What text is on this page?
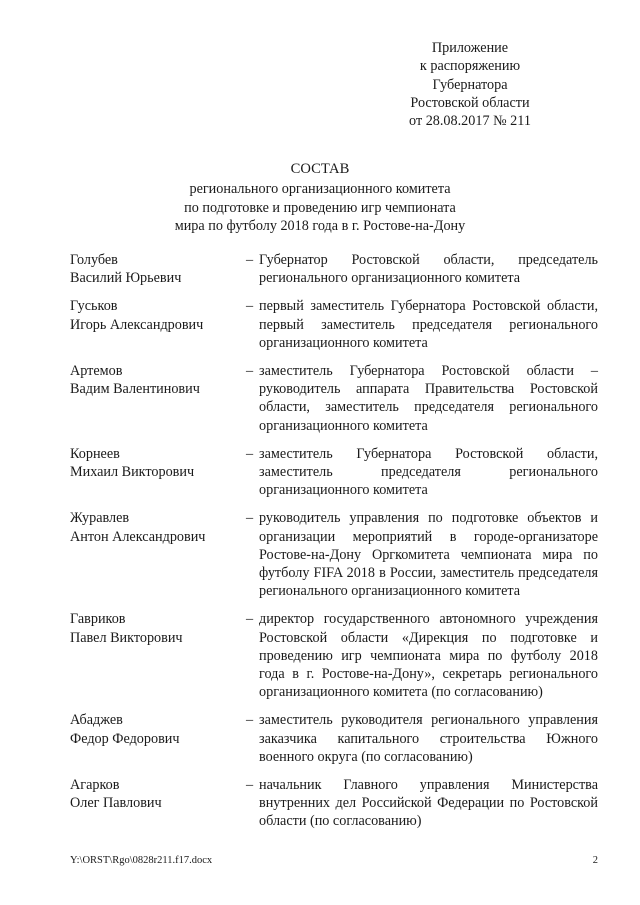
Приложение
к распоряжению
Губернатора
Ростовской области
от 28.08.2017 № 211
СОСТАВ
регионального организационного комитета
по подготовке и проведению игр чемпионата
мира по футболу 2018 года в г. Ростове-на-Дону
Голубев
Василий Юрьевич
– Губернатор Ростовской области, председатель регионального организационного комитета
Гуськов
Игорь Александрович
– первый заместитель Губернатора Ростовской области, первый заместитель председателя регионального организационного комитета
Артемов
Вадим Валентинович
– заместитель Губернатора Ростовской области – руководитель аппарата Правительства Ростовской области, заместитель председателя регионального организационного комитета
Корнеев
Михаил Викторович
– заместитель Губернатора Ростовской области, заместитель председателя регионального организационного комитета
Журавлев
Антон Александрович
– руководитель управления по подготовке объектов и организации мероприятий в городе-организаторе Ростове-на-Дону Оргкомитета чемпионата мира по футболу FIFA 2018 в России, заместитель председателя регионального организационного комитета
Гавриков
Павел Викторович
– директор государственного автономного учреждения Ростовской области «Дирекция по подготовке и проведению игр чемпионата мира по футболу 2018 года в г. Ростове-на-Дону», секретарь регионального организационного комитета (по согласованию)
Абаджев
Федор Федорович
– заместитель руководителя регионального управления заказчика капитального строительства Южного военного округа (по согласованию)
Агарков
Олег Павлович
– начальник Главного управления Министерства внутренних дел Российской Федерации по Ростовской области (по согласованию)
Y:\ORST\Rgo\0828r211.f17.docx	2
